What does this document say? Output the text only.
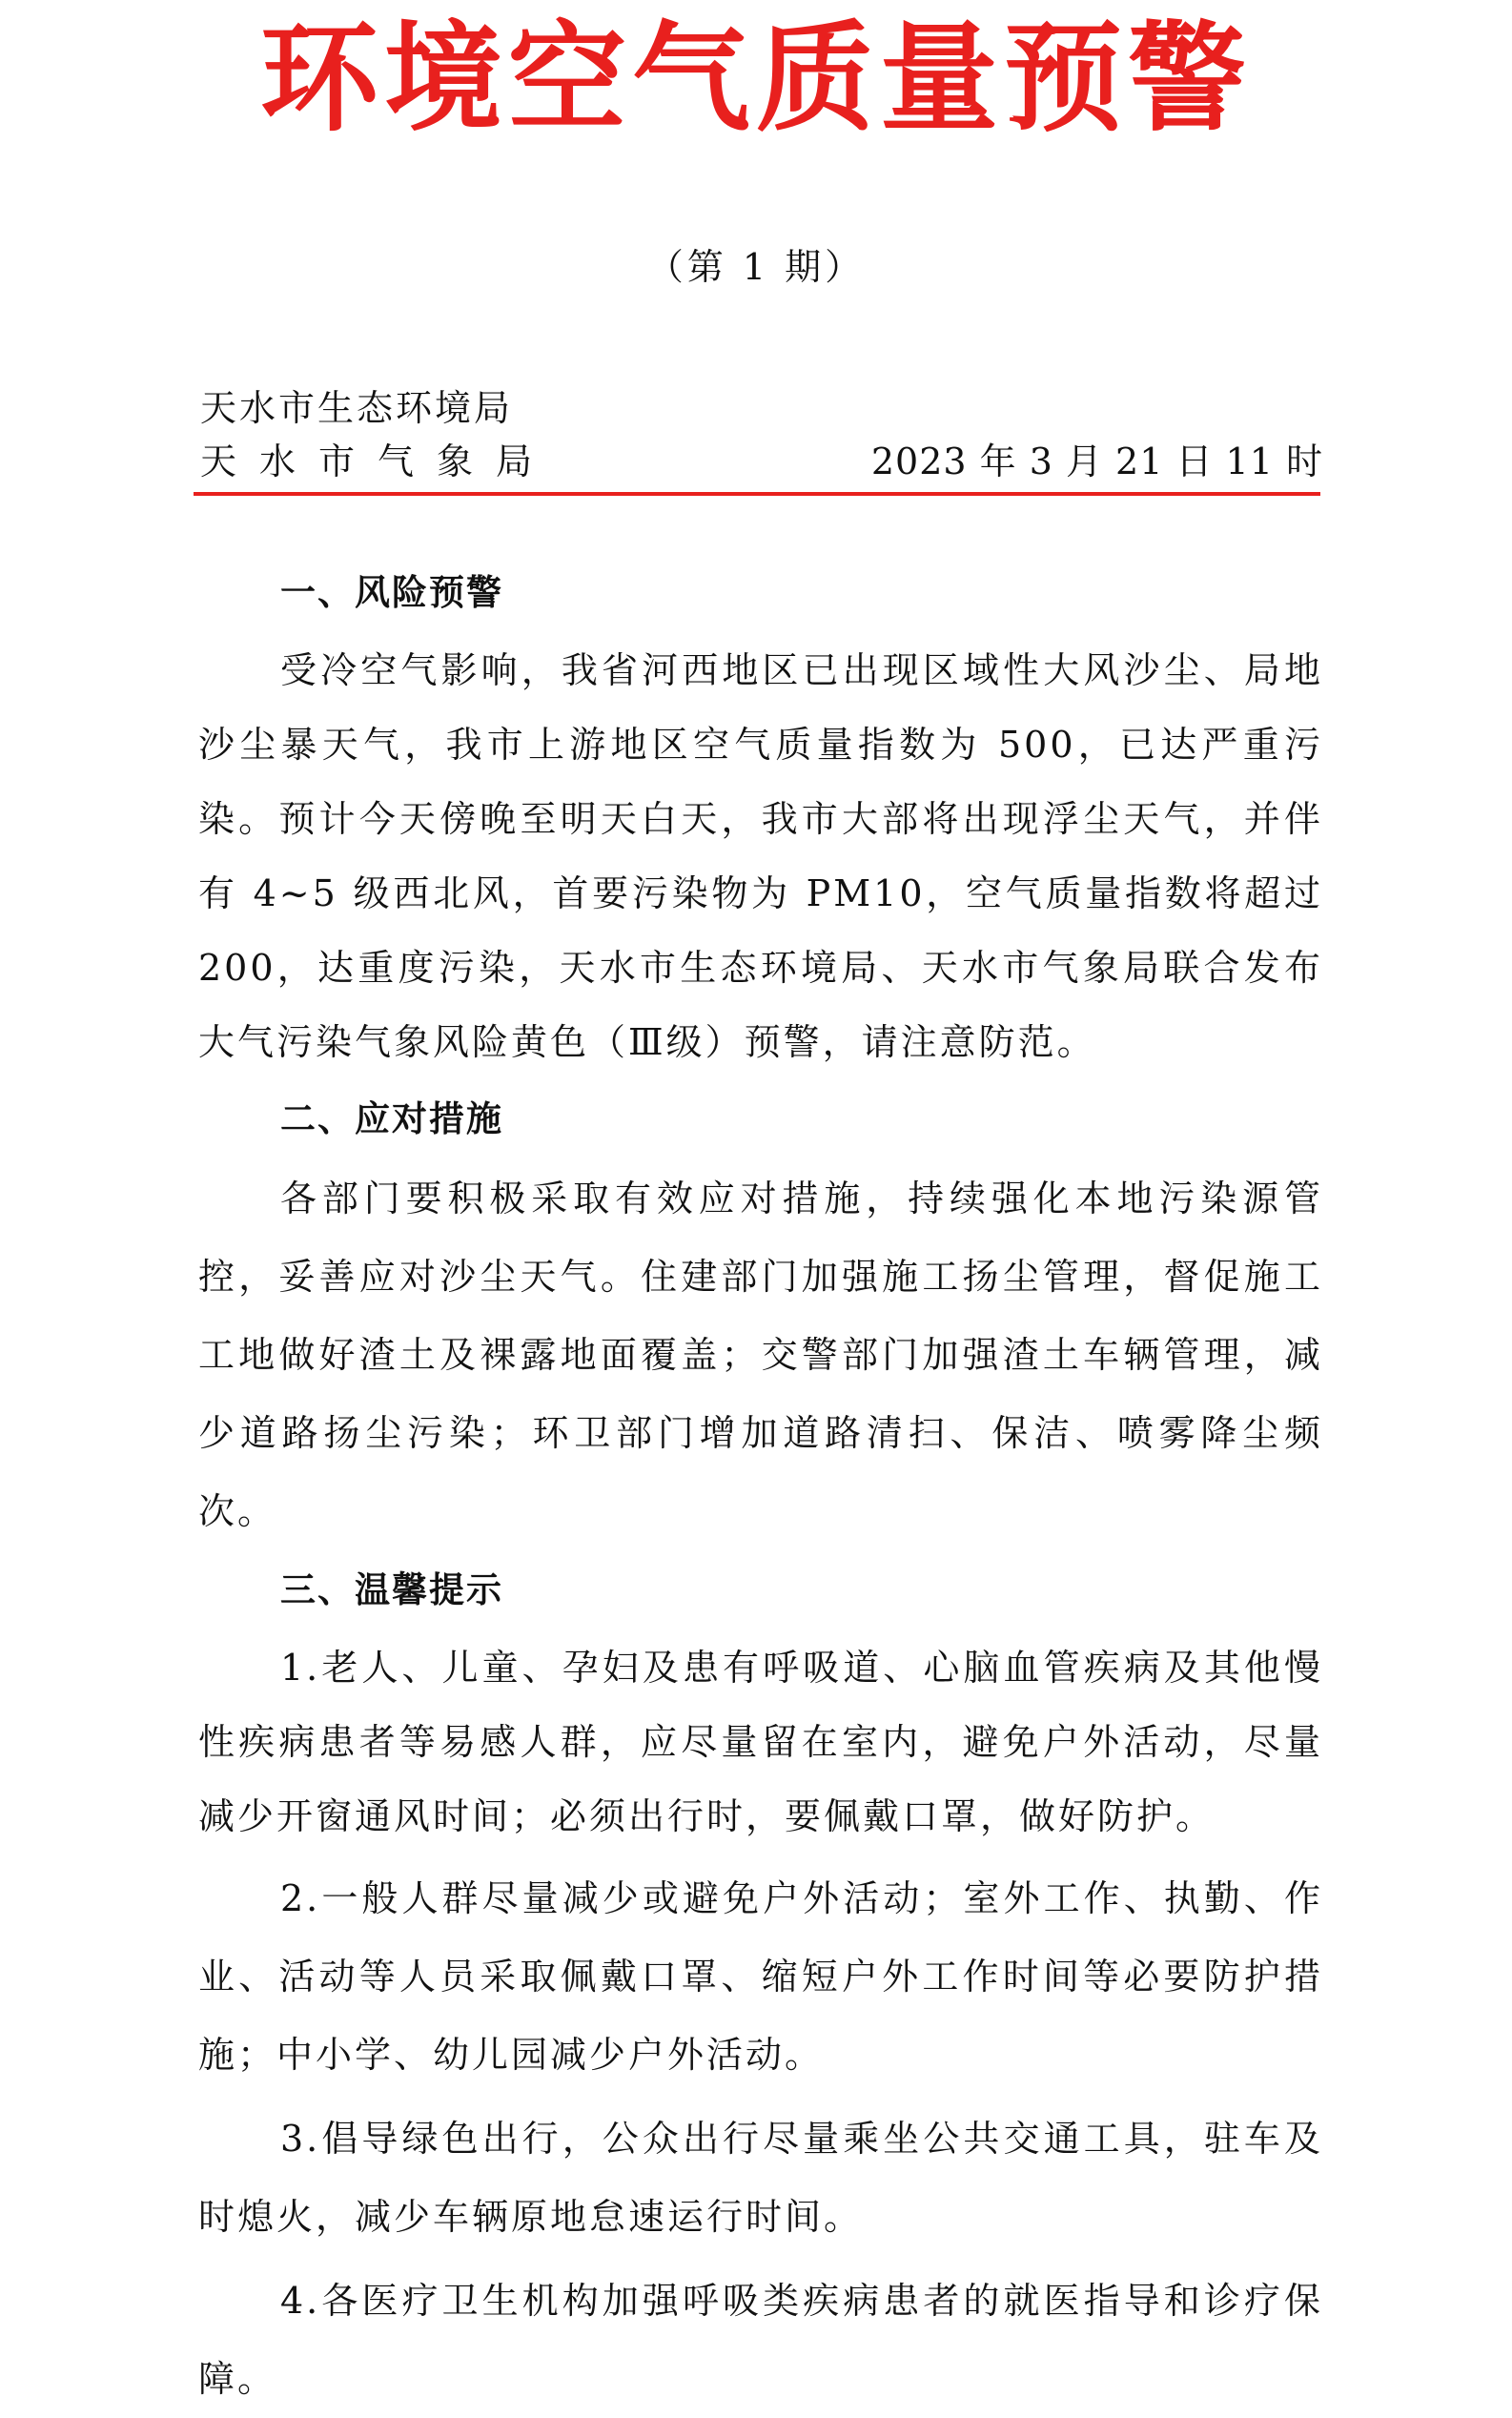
环境空气质量预警
（第 1 期）
天水市生态环境局
天水市气象局	2023 年 3 月 21 日 11 时

一、风险预警

受冷空气影响，我省河西地区已出现区域性大风沙尘、局地沙尘暴天气，我市上游地区空气质量指数为 500，已达严重污染。预计今天傍晚至明天白天，我市大部将出现浮尘天气，并伴有 4~5 级西北风，首要污染物为 PM10，空气质量指数将超过 200，达重度污染，天水市生态环境局、天水市气象局联合发布大气污染气象风险黄色（Ⅲ级）预警，请注意防范。

二、应对措施

各部门要积极采取有效应对措施，持续强化本地污染源管控，妥善应对沙尘天气。住建部门加强施工扬尘管理，督促施工工地做好渣土及裸露地面覆盖；交警部门加强渣土车辆管理，减少道路扬尘污染；环卫部门增加道路清扫、保洁、喷雾降尘频次。

三、温馨提示

1.老人、儿童、孕妇及患有呼吸道、心脑血管疾病及其他慢性疾病患者等易感人群，应尽量留在室内，避免户外活动，尽量减少开窗通风时间；必须出行时，要佩戴口罩，做好防护。

2.一般人群尽量减少或避免户外活动；室外工作、执勤、作业、活动等人员采取佩戴口罩、缩短户外工作时间等必要防护措施；中小学、幼儿园减少户外活动。

3.倡导绿色出行，公众出行尽量乘坐公共交通工具，驻车及时熄火，减少车辆原地怠速运行时间。

4.各医疗卫生机构加强呼吸类疾病患者的就医指导和诊疗保障。
